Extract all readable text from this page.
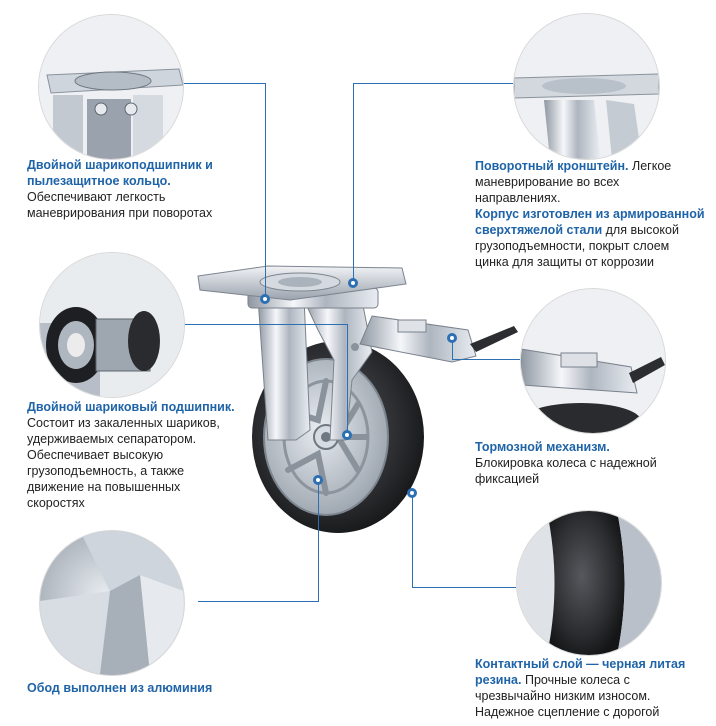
Двойной шарикоподшипник и пылезащитное кольцо.
Обеспечивают легкость маневрирования при поворотах
Поворотный кронштейн. Легкое маневрирование во всех направлениях.
Корпус изготовлен из армированной сверхтяжелой стали для высокой грузоподъемности, покрыт слоем цинка для защиты от коррозии
Двойной шариковый подшипник.
Состоит из закаленных шариков, удерживаемых сепаратором. Обеспечивает высокую грузоподъемность, а также движение на повышенных скоростях
Тормозной механизм.
Блокировка колеса с надежной фиксацией
Обод выполнен из алюминия
Контактный слой — черная литая резина. Прочные колеса с чрезвычайно низким износом. Надежное сцепление с дорогой
